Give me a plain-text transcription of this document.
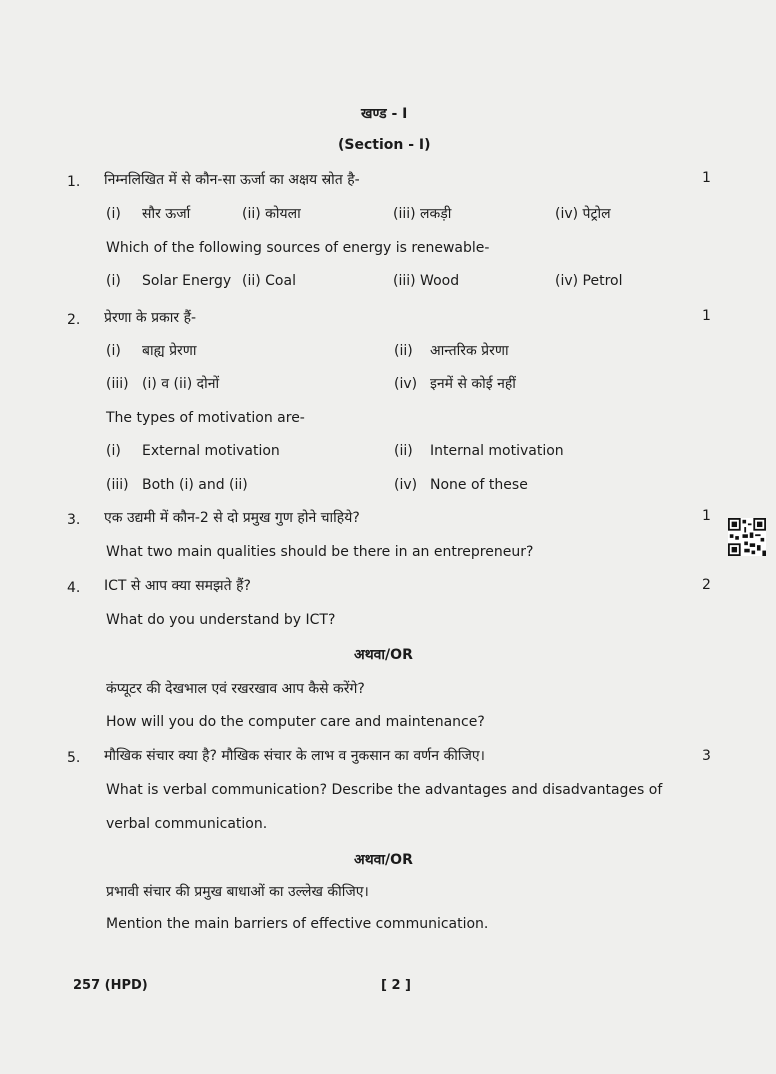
खण्ड - I
(Section - I)
1. निम्नलिखित में से कौन-सा ऊर्जा का अक्षय स्रोत है-	1
(i) सौर ऊर्जा	(ii) कोयला	(iii) लकड़ी	(iv) पेट्रोल
Which of the following sources of energy is renewable-
(i) Solar Energy (ii) Coal	(iii) Wood	(iv) Petrol
2. प्रेरणा के प्रकार हैं-	1
(i) बाह्य प्रेरणा	(ii) आन्तरिक प्रेरणा
(iii) (i) व (ii) दोनों	(iv) इनमें से कोई नहीं
The types of motivation are-
(i) External motivation	(ii) Internal motivation
(iii) Both (i) and (ii)	(iv) None of these
3. एक उद्यमी में कौन-2 से दो प्रमुख गुण होने चाहिये?	1
What two main qualities should be there in an entrepreneur?
4. ICT से आप क्या समझते हैं?	2
What do you understand by ICT?
अथवा/OR
कंप्यूटर की देखभाल एवं रखरखाव आप कैसे करेंगे?
How will you do the computer care and maintenance?
5. मौखिक संचार क्या है? मौखिक संचार के लाभ व नुकसान का वर्णन कीजिए।	3
What is verbal communication? Describe the advantages and disadvantages of
verbal communication.
अथवा/OR
प्रभावी संचार की प्रमुख बाधाओं का उल्लेख कीजिए।
Mention the main barriers of effective communication.
257 (HPD)	[ 2 ]
